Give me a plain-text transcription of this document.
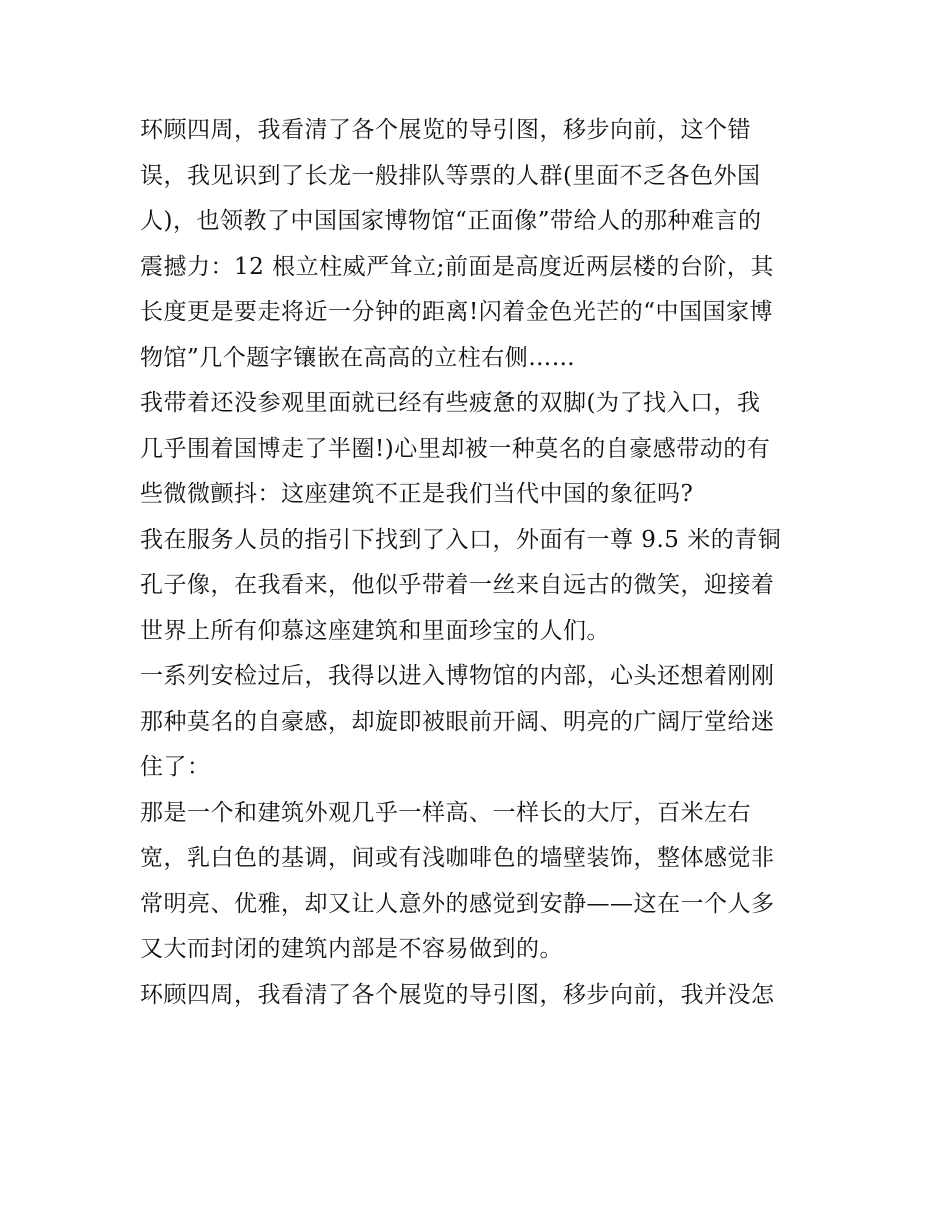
环顾四周，我看清了各个展览的导引图，移步向前，这个错
误，我见识到了长龙一般排队等票的人群(里面不乏各色外国
人)，也领教了中国国家博物馆“正面像”带给人的那种难言的
震撼力：12 根立柱威严耸立;前面是高度近两层楼的台阶，其
长度更是要走将近一分钟的距离!闪着金色光芒的“中国国家博
物馆”几个题字镶嵌在高高的立柱右侧……
我带着还没参观里面就已经有些疲惫的双脚(为了找入口，我
几乎围着国博走了半圈!)心里却被一种莫名的自豪感带动的有
些微微颤抖：这座建筑不正是我们当代中国的象征吗?
我在服务人员的指引下找到了入口，外面有一尊 9.5 米的青铜
孔子像，在我看来，他似乎带着一丝来自远古的微笑，迎接着
世界上所有仰慕这座建筑和里面珍宝的人们。
一系列安检过后，我得以进入博物馆的内部，心头还想着刚刚
那种莫名的自豪感，却旋即被眼前开阔、明亮的广阔厅堂给迷
住了：
那是一个和建筑外观几乎一样高、一样长的大厅，百米左右
宽，乳白色的基调，间或有浅咖啡色的墙壁装饰，整体感觉非
常明亮、优雅，却又让人意外的感觉到安静——这在一个人多
又大而封闭的建筑内部是不容易做到的。
环顾四周，我看清了各个展览的导引图，移步向前，我并没怎
